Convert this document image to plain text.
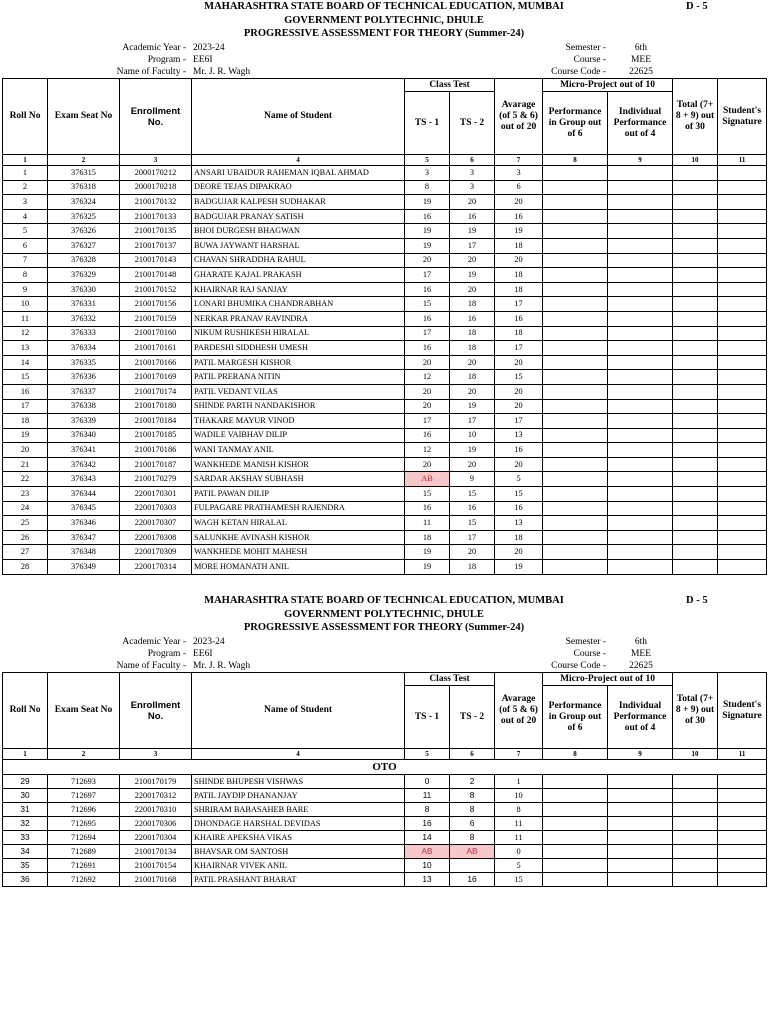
MAHARASHTRA STATE BOARD OF TECHNICAL EDUCATION, MUMBAI	D - 5
GOVERNMENT POLYTECHNIC, DHULE
PROGRESSIVE ASSESSMENT FOR THEORY (Summer-24)
Academic Year - 2023-24
Program - EE6I
Name of Faculty - Mr. J. R. Wagh
Semester -	6th
Course -	MEE
Course Code -	22625
Roll No	Exam Seat No	Enrollment No.	Name of Student	Class Test		Avarage (of 5 & 6) out of 20	Micro-Project out of 10		Total (7+ 8 + 9) out of 30	Student's Signature
				TS - 1	TS - 2		Performance in Group out of 6	Individual Performance out of 4		
1	2	3	4	5	6	7	8	9	10	11
1	376315	2000170212	ANSARI UBAIDUR RAHEMAN IQBAL AHMAD	3	3	3				
2	376318	2000170218	DEORE TEJAS DIPAKRAO	8	3	6				
3	376324	2100170132	BADGUJAR KALPESH SUDHAKAR	19	20	20				
4	376325	2100170133	BADGUJAR PRANAY SATISH	16	16	16				
5	376326	2100170135	BHOI DURGESH BHAGWAN	19	19	19				
6	376327	2100170137	BUWA JAYWANT HARSHAL	19	17	18				
7	376328	2100170143	CHAVAN SHRADDHA RAHUL	20	20	20				
8	376329	2100170148	GHARATE KAJAL PRAKASH	17	19	18				
9	376330	2100170152	KHAIRNAR RAJ SANJAY	16	20	18				
10	376331	2100170156	LONARI BHUMIKA CHANDRABHAN	15	18	17				
11	376332	2100170159	NERKAR PRANAV RAVINDRA	16	16	16				
12	376333	2100170160	NIKUM RUSHIKESH HIRALAL	17	18	18				
13	376334	2100170161	PARDESHI SIDDHESH UMESH	16	18	17				
14	376335	2100170166	PATIL MARGESH KISHOR	20	20	20				
15	376336	2100170169	PATIL PRERANA NITIN	12	18	15				
16	376337	2100170174	PATIL VEDANT VILAS	20	20	20				
17	376338	2100170180	SHINDE PARTH NANDAKISHOR	20	19	20				
18	376339	2100170184	THAKARE MAYUR VINOD	17	17	17				
19	376340	2100170185	WADILE VAIBHAV DILIP	16	10	13				
20	376341	2100170186	WANI TANMAY ANIL	12	19	16				
21	376342	2100170187	WANKHEDE MANISH KISHOR	20	20	20				
22	376343	2100170279	SARDAR AKSHAY SUBHASH	AB	9	5				
23	376344	2200170301	PATIL PAWAN DILIP	15	15	15				
24	376345	2200170303	FULPAGARE PRATHAMESH RAJENDRA	16	16	16				
25	376346	2200170307	WAGH KETAN HIRALAL	11	15	13				
26	376347	2200170308	SALUNKHE AVINASH KISHOR	18	17	18				
27	376348	2200170309	WANKHEDE MOHIT MAHESH	19	20	20				
28	376349	2200170314	MORE HOMANATH ANIL	19	18	19				
MAHARASHTRA STATE BOARD OF TECHNICAL EDUCATION, MUMBAI	D - 5
GOVERNMENT POLYTECHNIC, DHULE
PROGRESSIVE ASSESSMENT FOR THEORY (Summer-24)
Academic Year - 2023-24
Program - EE6I
Name of Faculty - Mr. J. R. Wagh
Semester -	6th
Course -	MEE
Course Code -	22625
Roll No	Exam Seat No	Enrollment No.	Name of Student	Class Test		Avarage (of 5 & 6) out of 20	Micro-Project out of 10		Total (7+ 8 + 9) out of 30	Student's Signature
				TS - 1	TS - 2		Performance in Group out of 6	Individual Performance out of 4		
1	2	3	4	5	6	7	8	9	10	11
OTO										
29	712693	2100170179	SHINDE BHUPESH VISHWAS	0	2	1				
30	712697	2200170312	PATIL JAYDIP DHANANJAY	11	8	10				
31	712696	2200170310	SHRIRAM BABASAHEB BARE	8	8	8				
32	712695	2200170306	DHONDAGE HARSHAL DEVIDAS	16	6	11				
33	712694	2200170304	KHAIRE APEKSHA VIKAS	14	8	11				
34	712689	2100170134	BHAVSAR OM SANTOSH	AB	AB	0				
35	712691	2100170154	KHAIRNAR VIVEK ANIL	10		5				
36	712692	2100170168	PATIL PRASHANT BHARAT	13	16	15				
